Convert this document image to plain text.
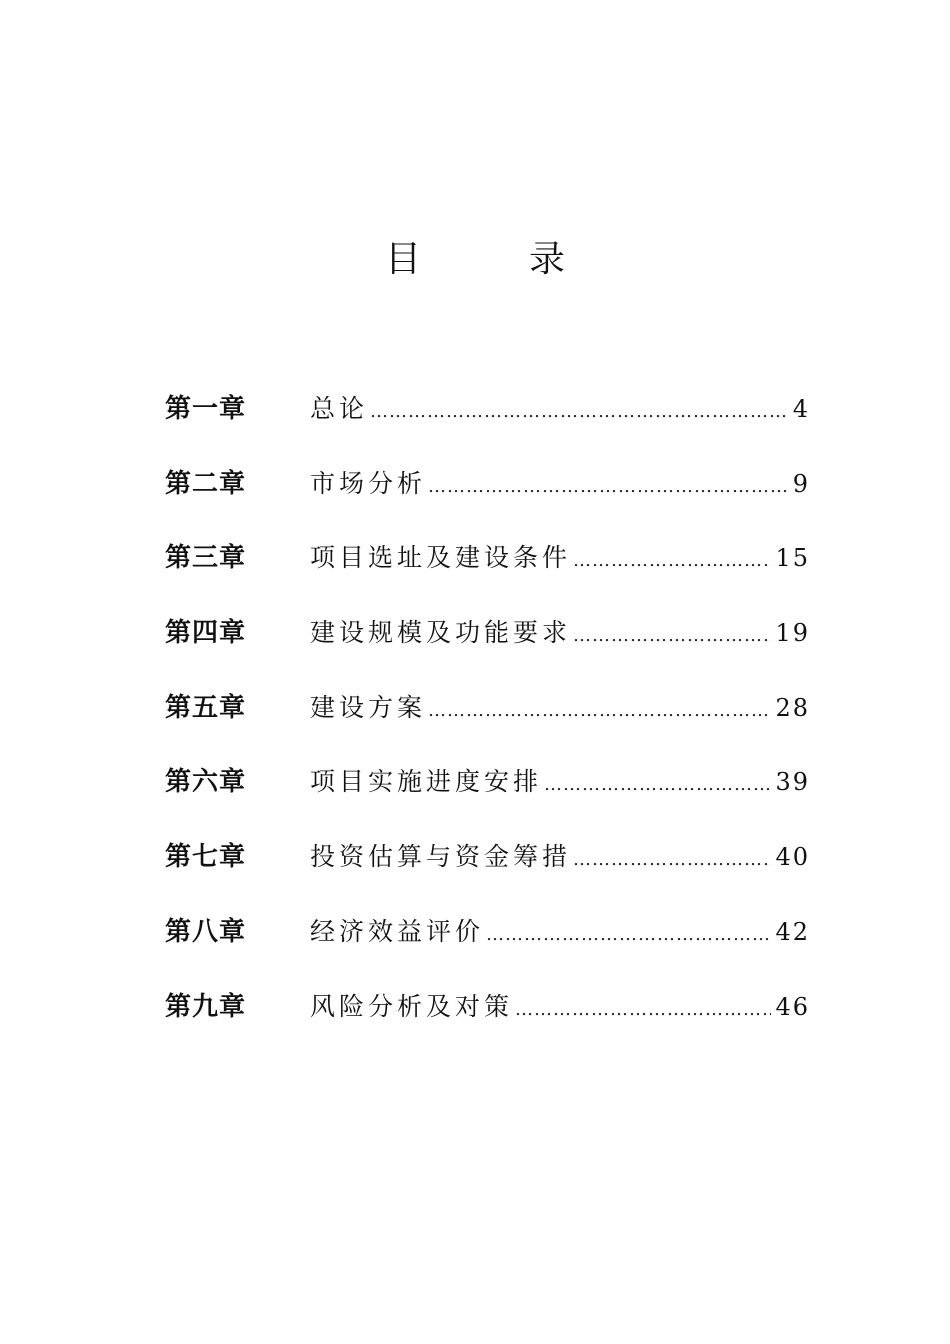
目　　　录
第一章	总论 …………………………………………………………………………………………………………………………………………	4
第二章	市场分析 …………………………………………………………………………………………………………………………………………	9
第三章	项目选址及建设条件 …………………………………………………………………………………………………………………………………………	15
第四章	建设规模及功能要求 …………………………………………………………………………………………………………………………………………	19
第五章	建设方案 …………………………………………………………………………………………………………………………………………	28
第六章	项目实施进度安排 …………………………………………………………………………………………………………………………………………	39
第七章	投资估算与资金筹措 …………………………………………………………………………………………………………………………………………	40
第八章	经济效益评价 …………………………………………………………………………………………………………………………………………	42
第九章	风险分析及对策 …………………………………………………………………………………………………………………………………………	46
